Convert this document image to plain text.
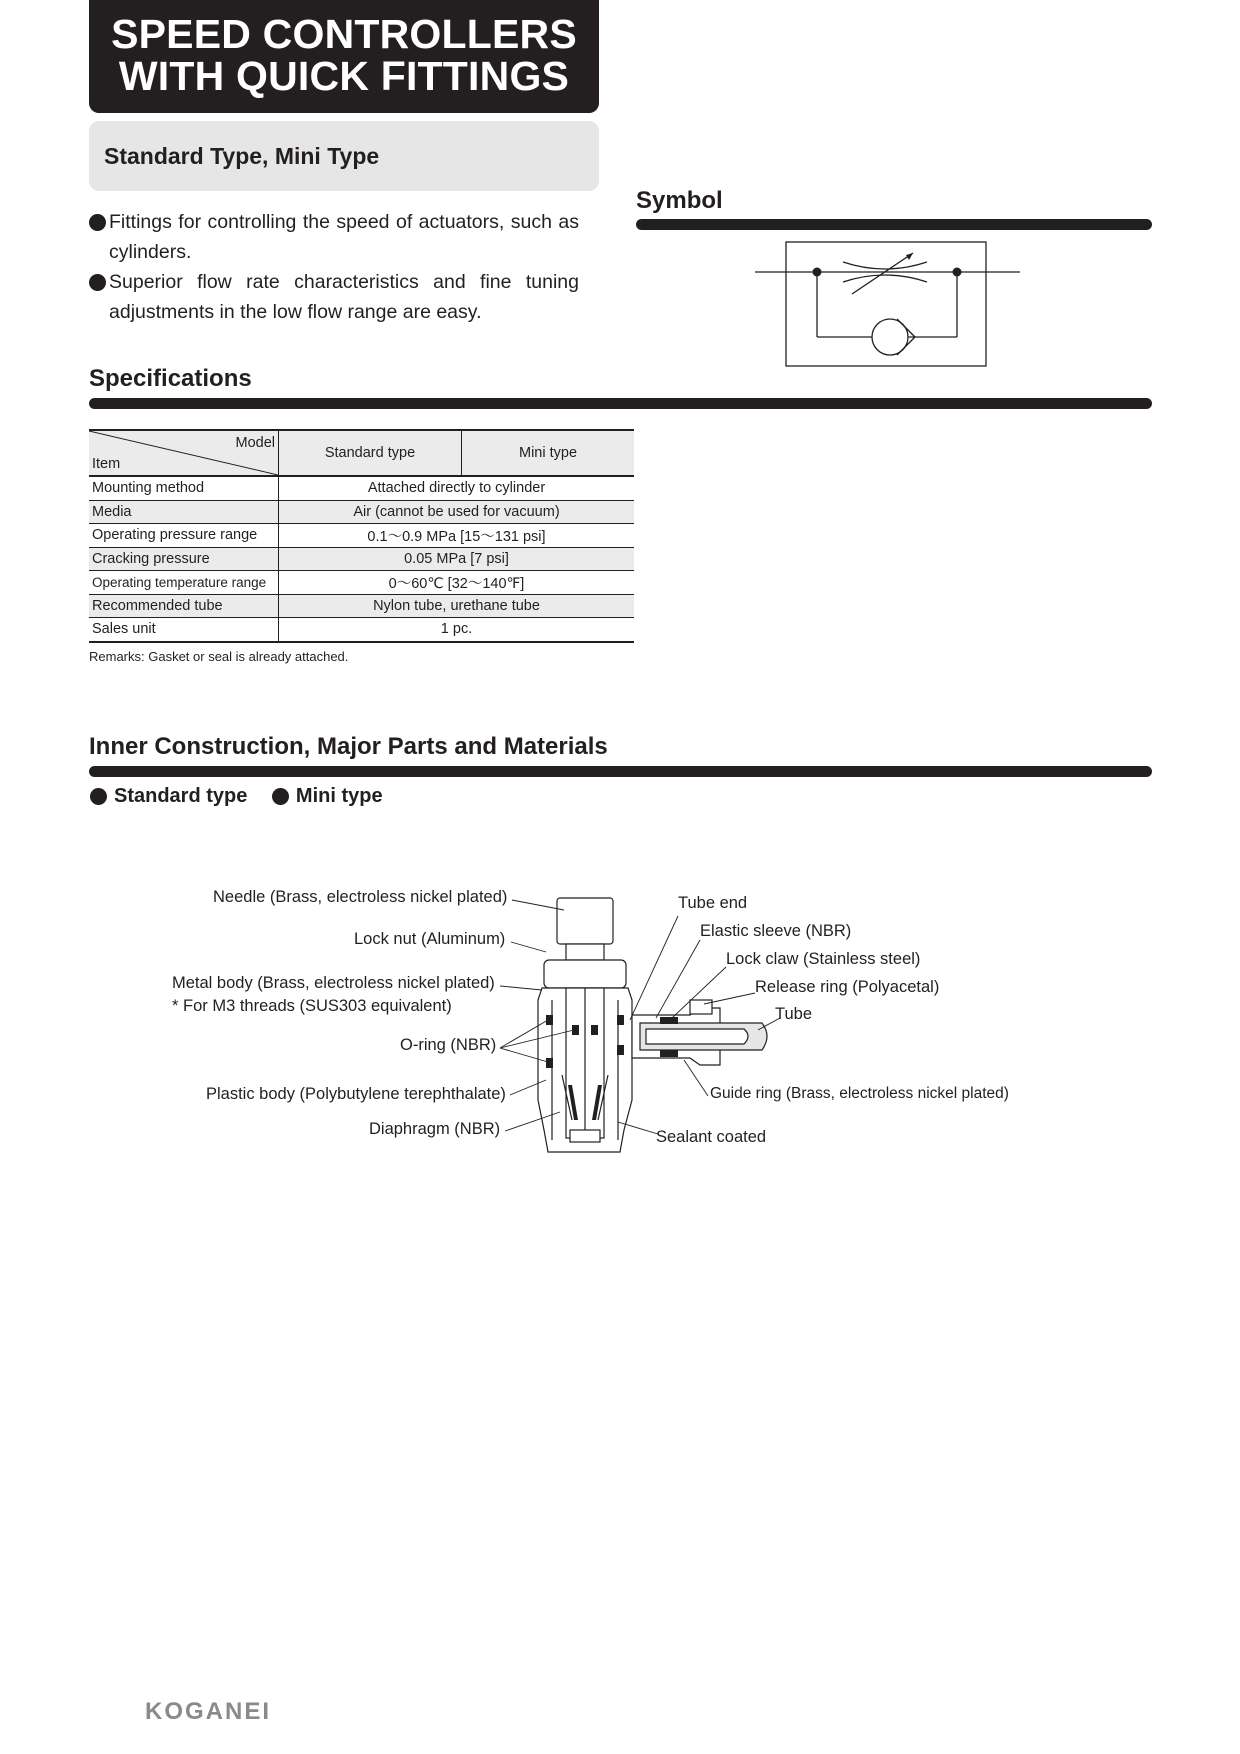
SPEED CONTROLLERS
WITH QUICK FITTINGS
Standard Type, Mini Type
Fittings for controlling the speed of actuators, such as cylinders.
Superior flow rate characteristics and fine tuning adjustments in the low flow range are easy.
Symbol
Specifications
Model
Item	Standard type	Mini type
Mounting method	Attached directly to cylinder	
Media	Air (cannot be used for vacuum)	
Operating pressure range	0.1～0.9 MPa [15～131 psi]	
Cracking pressure	0.05 MPa [7 psi]	
Operating temperature range	0～60℃ [32～140℉]	
Recommended tube	Nylon tube, urethane tube	
Sales unit	1 pc.	
Remarks: Gasket or seal is already attached.
Inner Construction, Major Parts and Materials
Standard type Mini type
Needle (Brass, electroless nickel plated)
Lock nut (Aluminum)
Metal body (Brass, electroless nickel plated)
* For M3 threads (SUS303 equivalent)
O-ring (NBR)
Plastic body (Polybutylene terephthalate)
Diaphragm (NBR)
Tube end
Elastic sleeve (NBR)
Lock claw (Stainless steel)
Release ring (Polyacetal)
Tube
Guide ring (Brass, electroless nickel plated)
Sealant coated
KOGANEI
